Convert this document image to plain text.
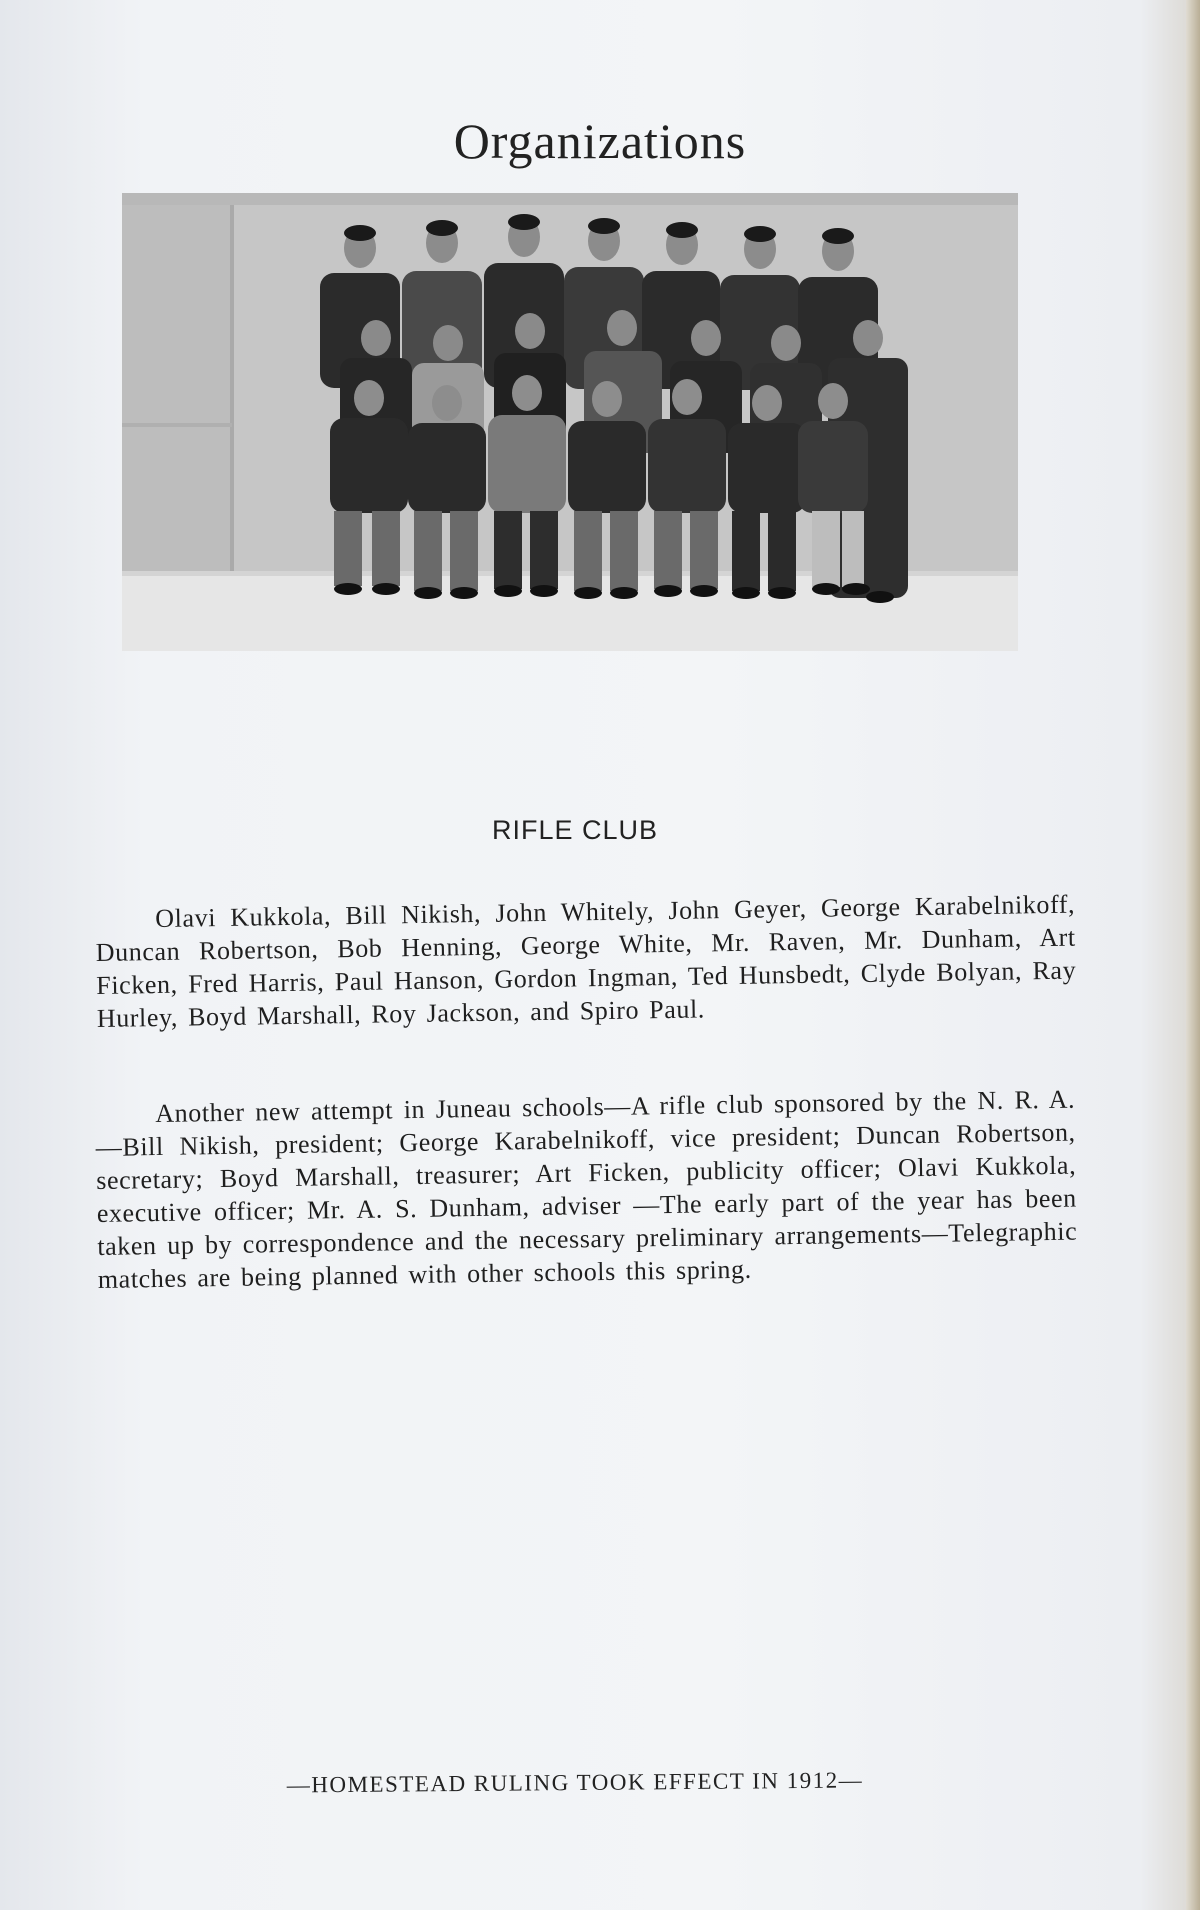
Organizations
RIFLE CLUB

Olavi Kukkola, Bill Nikish, John Whitely, John Geyer, George Karabelnikoff, Duncan Robertson, Bob Henning, George White, Mr. Raven, Mr. Dunham, Art Ficken, Fred Harris, Paul Hanson, Gordon Ingman, Ted Hunsbedt, Clyde Bolyan, Ray Hurley, Boyd Marshall, Roy Jackson, and Spiro Paul.

Another new attempt in Juneau schools—A rifle club sponsored by the N. R. A.—Bill Nikish, president; George Karabelnikoff, vice president; Duncan Robertson, secretary; Boyd Marshall, treasurer; Art Ficken, publicity officer; Olavi Kukkola, executive officer; Mr. A. S. Dunham, adviser —The early part of the year has been taken up by correspondence and the necessary preliminary arrangements—Telegraphic matches are being planned with other schools this spring.

—HOMESTEAD RULING TOOK EFFECT IN 1912—
